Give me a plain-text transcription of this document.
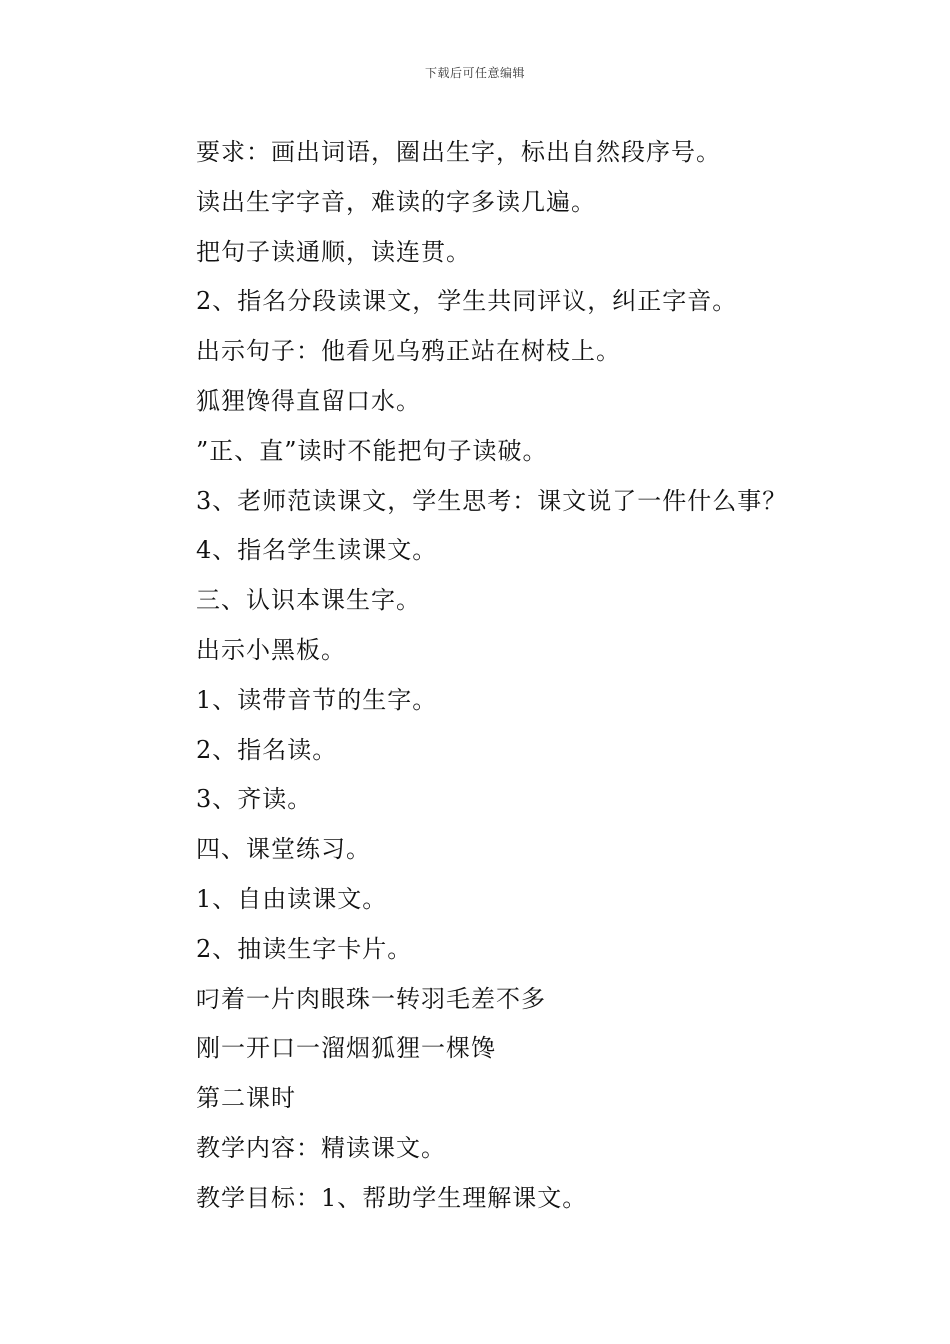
下载后可任意编辑
要求：画出词语，圈出生字，标出自然段序号。
读出生字字音，难读的字多读几遍。
把句子读通顺，读连贯。
2、指名分段读课文，学生共同评议，纠正字音。
出示句子：他看见乌鸦正站在树枝上。
狐狸馋得直留口水。
”正、直”读时不能把句子读破。
3、老师范读课文，学生思考：课文说了一件什么事？
4、指名学生读课文。
三、认识本课生字。
出示小黑板。
1、读带音节的生字。
2、指名读。
3、齐读。
四、课堂练习。
1、自由读课文。
2、抽读生字卡片。
叼着一片肉眼珠一转羽毛差不多
刚一开口一溜烟狐狸一棵馋
第二课时
教学内容：精读课文。
教学目标：1、帮助学生理解课文。
